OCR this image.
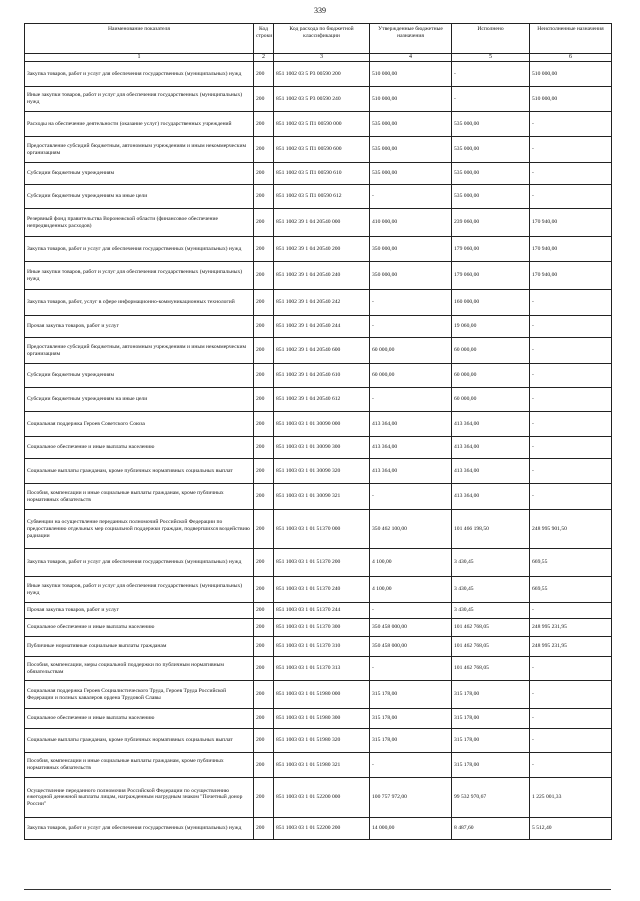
339
Наименование показателя	Код строки	Код расхода по бюджетной классификации	Утвержденные бюджетные назначения	Исполнено	Неисполненные назначения
1	2	3	4	5	6
Закупка товаров, работ и услуг для обеспечения государственных (муниципальных) нужд	200	851 1002 03 5 Р3 00590 200	510 000,00	-	510 000,00
Иные закупки товаров, работ и услуг для обеспечения государственных (муниципальных) нужд	200	851 1002 03 5 Р3 00590 240	510 000,00	-	510 000,00
Расходы на обеспечение деятельности (оказание услуг) государственных учреждений	200	851 1002 03 5 П1 00590 000	535 000,00	535 000,00	-
Предоставление субсидий бюджетным, автономным учреждениям и иным некоммерческим организациям	200	851 1002 03 5 П1 00590 600	535 000,00	535 000,00	-
Субсидии бюджетным учреждениям	200	851 1002 03 5 П1 00590 610	535 000,00	535 000,00	-
Субсидии бюджетным учреждениям на иные цели	200	851 1002 03 5 П1 00590 612	-	535 000,00	-
Резервный фонд правительства Воронежской области (финансовое обеспечение непредвиденных расходов)	200	851 1002 39 1 04 20540 000	410 000,00	239 060,00	170 940,00
Закупка товаров, работ и услуг для обеспечения государственных (муниципальных) нужд	200	851 1002 39 1 04 20540 200	350 000,00	179 060,00	170 940,00
Иные закупки товаров, работ и услуг для обеспечения государственных (муниципальных) нужд	200	851 1002 39 1 04 20540 240	350 000,00	179 060,00	170 940,00
Закупка товаров, работ, услуг в сфере информационно-коммуникационных технологий	200	851 1002 39 1 04 20540 242	-	160 000,00	-
Прочая закупка товаров, работ и услуг	200	851 1002 39 1 04 20540 244	-	19 060,00	-
Предоставление субсидий бюджетным, автономным учреждениям и иным некоммерческим организациям	200	851 1002 39 1 04 20540 600	60 000,00	60 000,00	-
Субсидии бюджетным учреждениям	200	851 1002 39 1 04 20540 610	60 000,00	60 000,00	-
Субсидии бюджетным учреждениям на иные цели	200	851 1002 39 1 04 20540 612	-	60 000,00	-
Социальная поддержка Героев Советского Союза	200	851 1003 03 1 01 30090 000	413 364,00	413 364,00	-
Социальное обеспечение и иные выплаты населению	200	851 1003 03 1 01 30090 300	413 364,00	413 364,00	-
Социальные выплаты гражданам, кроме публичных нормативных социальных выплат	200	851 1003 03 1 01 30090 320	413 364,00	413 364,00	-
Пособия, компенсации и иные социальные выплаты гражданам, кроме публичных нормативных обязательств	200	851 1003 03 1 01 30090 321	-	413 364,00	-
Субвенции на осуществление переданных полномочий Российской Федерации по предоставлению отдельных мер социальной поддержки граждан, подвергшихся воздействию радиации	200	851 1003 03 1 01 51370 000	350 462 100,00	101 466 198,50	248 995 901,50
Закупка товаров, работ и услуг для обеспечения государственных (муниципальных) нужд	200	851 1003 03 1 01 51370 200	4 100,00	3 430,45	669,55
Иные закупки товаров, работ и услуг для обеспечения государственных (муниципальных) нужд	200	851 1003 03 1 01 51370 240	4 100,00	3 430,45	669,55
Прочая закупка товаров, работ и услуг	200	851 1003 03 1 01 51370 244	-	3 430,45	-
Социальное обеспечение и иные выплаты населению	200	851 1003 03 1 01 51370 300	350 458 000,00	101 462 768,05	248 995 231,95
Публичные нормативные социальные выплаты гражданам	200	851 1003 03 1 01 51370 310	350 458 000,00	101 462 768,05	248 995 231,95
Пособия, компенсации, меры социальной поддержки по публичным нормативным обязательствам	200	851 1003 03 1 01 51370 313	-	101 462 768,05	-
Социальная поддержка Героев Социалистического Труда, Героев Труда Российской Федерации и полных кавалеров ордена Трудовой Славы	200	851 1003 03 1 01 51980 000	315 178,00	315 178,00	-
Социальное обеспечение и иные выплаты населению	200	851 1003 03 1 01 51980 300	315 178,00	315 178,00	-
Социальные выплаты гражданам, кроме публичных нормативных социальных выплат	200	851 1003 03 1 01 51980 320	315 178,00	315 178,00	-
Пособия, компенсации и иные социальные выплаты гражданам, кроме публичных нормативных обязательств	200	851 1003 03 1 01 51980 321	-	315 178,00	-
Осуществление переданного полномочия Российской Федерации по осуществлению ежегодной денежной выплаты лицам, награжденным нагрудным знаком "Почетный донор России"	200	851 1003 03 1 01 52200 000	100 757 972,00	99 532 970,67	1 225 001,33
Закупка товаров, работ и услуг для обеспечения государственных (муниципальных) нужд	200	851 1003 03 1 01 52200 200	14 000,00	8 487,60	5 512,40
